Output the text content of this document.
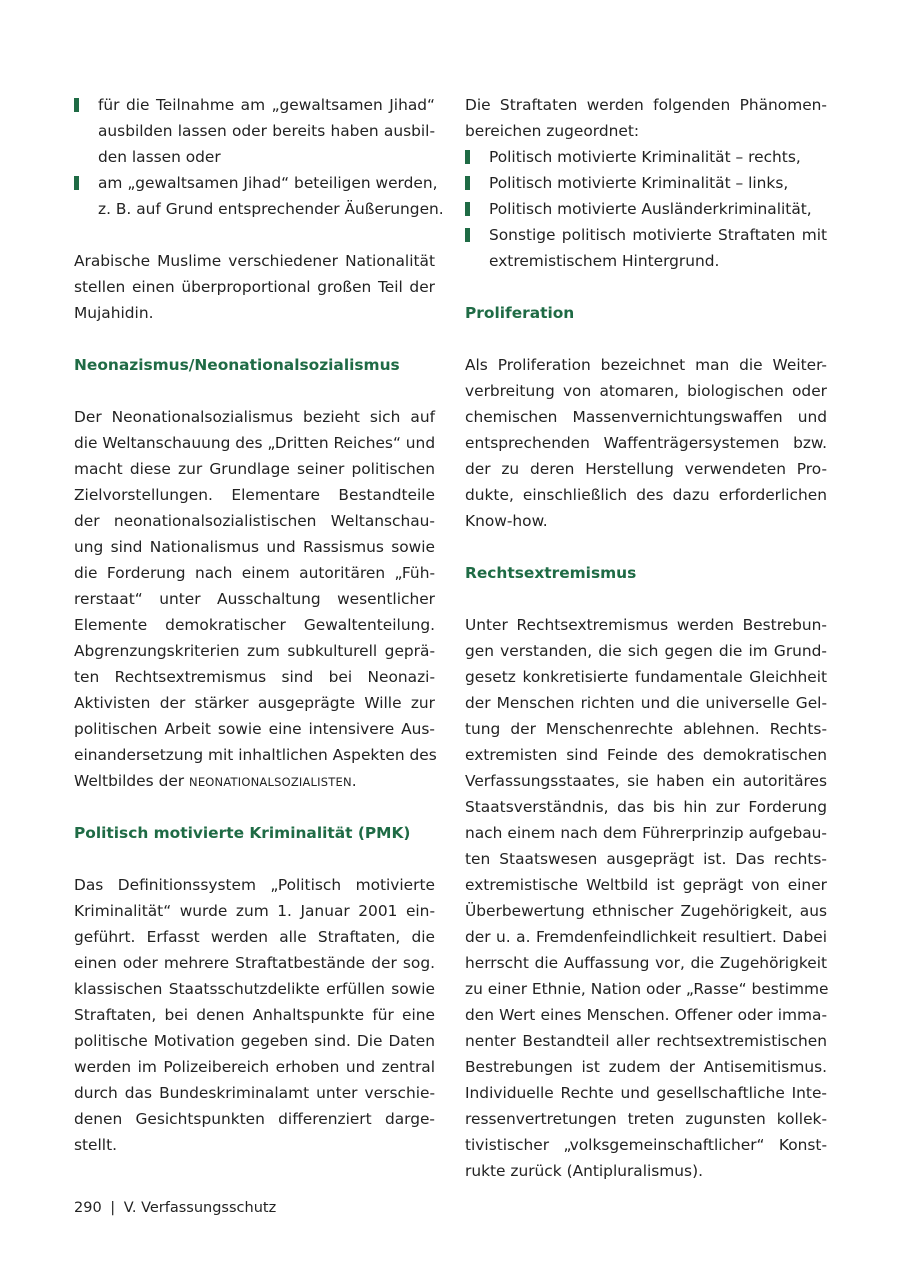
für die Teilnahme am „gewaltsamen Jihad“
ausbilden lassen oder bereits haben ausbil-
den lassen oder
am „gewaltsamen Jihad“ beteiligen werden,
z. B. auf Grund entsprechender Äußerungen.
Arabische Muslime verschiedener Nationalität
stellen einen überproportional großen Teil der
Mujahidin.
Neonazismus/Neonationalsozialismus
Der Neonationalsozialismus bezieht sich auf
die Weltanschauung des „Dritten Reiches“ und
macht diese zur Grundlage seiner politischen
Zielvorstellungen. Elementare Bestandteile
der neonationalsozialistischen Weltanschau-
ung sind Nationalismus und Rassismus sowie
die Forderung nach einem autoritären „Füh-
rerstaat“ unter Ausschaltung wesentlicher
Elemente demokratischer Gewaltenteilung.
Abgrenzungskriterien zum subkulturell geprä-
ten Rechtsextremismus sind bei Neonazi-
Aktivisten der stärker ausgeprägte Wille zur
politischen Arbeit sowie eine intensivere Aus-
einandersetzung mit inhaltlichen Aspekten des
Weltbildes der NEONATIONALSOZIALISTEN.
Politisch motivierte Kriminalität (PMK)
Das Definitionssystem „Politisch motivierte
Kriminalität“ wurde zum 1. Januar 2001 ein-
geführt. Erfasst werden alle Straftaten, die
einen oder mehrere Straftatbestände der sog.
klassischen Staatsschutzdelikte erfüllen sowie
Straftaten, bei denen Anhaltspunkte für eine
politische Motivation gegeben sind. Die Daten
werden im Polizeibereich erhoben und zentral
durch das Bundeskriminalamt unter verschie-
denen Gesichtspunkten differenziert darge-
stellt.
Die Straftaten werden folgenden Phänomen-
bereichen zugeordnet:
Politisch motivierte Kriminalität – rechts,
Politisch motivierte Kriminalität – links,
Politisch motivierte Ausländerkriminalität,
Sonstige politisch motivierte Straftaten mit
extremistischem Hintergrund.
Proliferation
Als Proliferation bezeichnet man die Weiter-
verbreitung von atomaren, biologischen oder
chemischen Massenvernichtungswaffen und
entsprechenden Waffenträgersystemen bzw.
der zu deren Herstellung verwendeten Pro-
dukte, einschließlich des dazu erforderlichen
Know-how.
Rechtsextremismus
Unter Rechtsextremismus werden Bestrebun-
gen verstanden, die sich gegen die im Grund-
gesetz konkretisierte fundamentale Gleichheit
der Menschen richten und die universelle Gel-
tung der Menschenrechte ablehnen. Rechts-
extremisten sind Feinde des demokratischen
Verfassungsstaates, sie haben ein autoritäres
Staatsverständnis, das bis hin zur Forderung
nach einem nach dem Führerprinzip aufgebau-
ten Staatswesen ausgeprägt ist. Das rechts-
extremistische Weltbild ist geprägt von einer
Überbewertung ethnischer Zugehörigkeit, aus
der u. a. Fremdenfeindlichkeit resultiert. Dabei
herrscht die Auffassung vor, die Zugehörigkeit
zu einer Ethnie, Nation oder „Rasse“ bestimme
den Wert eines Menschen. Offener oder imma-
nenter Bestandteil aller rechtsextremistischen
Bestrebungen ist zudem der Antisemitismus.
Individuelle Rechte und gesellschaftliche Inte-
ressenvertretungen treten zugunsten kollek-
tivistischer „volksgemeinschaftlicher“ Konst-
rukte zurück (Antipluralismus).
290 | V. Verfassungsschutz
